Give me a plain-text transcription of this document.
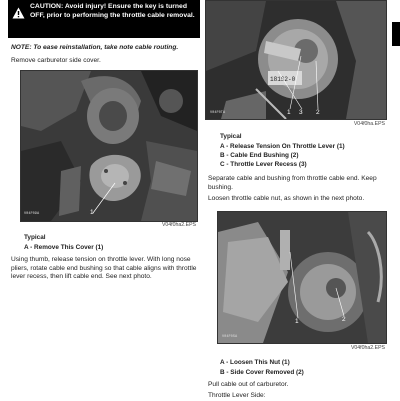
CAUTION: Avoid injury! Ensure the key is turned OFF, prior to performing the throttle cable removal.
NOTE: To ease reinstallation, take note cable routing.
Remove carburetor side cover.
V04F09A	1
V04f0ha2.EPS
Typical
A - Remove This Cover (1)
Using thumb, release tension on throttle lever. With long nose pliers, rotate cable end bushing so that cable aligns with throttle lever recess, then lift cable end. See next photo.
181S2-0
V04F0TA	1 3 2
V04f0ha.EPS
Typical
A - Release Tension On Throttle Lever (1)
B - Cable End Bushing (2)
C - Throttle Lever Recess (3)
Separate cable and bushing from throttle cable end. Keep bushing.
Loosen throttle cable nut, as shown in the next photo.
V04F0SA
1	2
V04f0ha2.EPS
A - Loosen This Nut (1)
B - Side Cover Removed (2)
Pull cable out of carburetor.
Throttle Lever Side:
